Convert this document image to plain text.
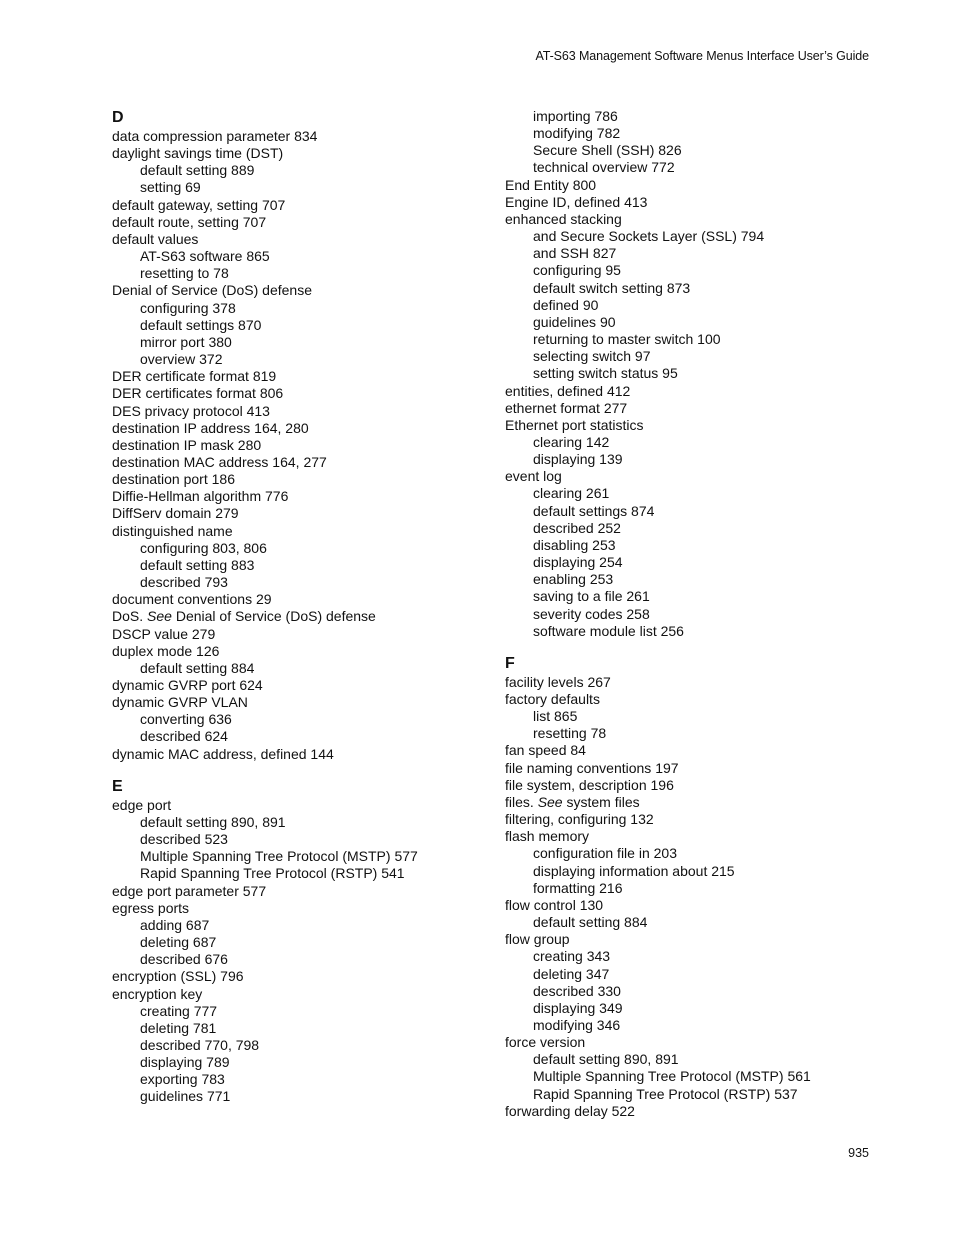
AT-S63 Management Software Menus Interface User’s Guide
D
data compression parameter 834
daylight savings time (DST)
default setting 889
setting 69
default gateway, setting 707
default route, setting 707
default values
AT-S63 software 865
resetting to 78
Denial of Service (DoS) defense
configuring 378
default settings 870
mirror port 380
overview 372
DER certificate format 819
DER certificates format 806
DES privacy protocol 413
destination IP address 164, 280
destination IP mask 280
destination MAC address 164, 277
destination port 186
Diffie-Hellman algorithm 776
DiffServ domain 279
distinguished name
configuring 803, 806
default setting 883
described 793
document conventions 29
DoS. See Denial of Service (DoS) defense
DSCP value 279
duplex mode 126
default setting 884
dynamic GVRP port 624
dynamic GVRP VLAN
converting 636
described 624
dynamic MAC address, defined 144
E
edge port
default setting 890, 891
described 523
Multiple Spanning Tree Protocol (MSTP) 577
Rapid Spanning Tree Protocol (RSTP) 541
edge port parameter 577
egress ports
adding 687
deleting 687
described 676
encryption (SSL) 796
encryption key
creating 777
deleting 781
described 770, 798
displaying 789
exporting 783
guidelines 771
importing 786
modifying 782
Secure Shell (SSH) 826
technical overview 772
End Entity 800
Engine ID, defined 413
enhanced stacking
and Secure Sockets Layer (SSL) 794
and SSH 827
configuring 95
default switch setting 873
defined 90
guidelines 90
returning to master switch 100
selecting switch 97
setting switch status 95
entities, defined 412
ethernet format 277
Ethernet port statistics
clearing 142
displaying 139
event log
clearing 261
default settings 874
described 252
disabling 253
displaying 254
enabling 253
saving to a file 261
severity codes 258
software module list 256
F
facility levels 267
factory defaults
list 865
resetting 78
fan speed 84
file naming conventions 197
file system, description 196
files. See system files
filtering, configuring 132
flash memory
configuration file in 203
displaying information about 215
formatting 216
flow control 130
default setting 884
flow group
creating 343
deleting 347
described 330
displaying 349
modifying 346
force version
default setting 890, 891
Multiple Spanning Tree Protocol (MSTP) 561
Rapid Spanning Tree Protocol (RSTP) 537
forwarding delay 522
935
